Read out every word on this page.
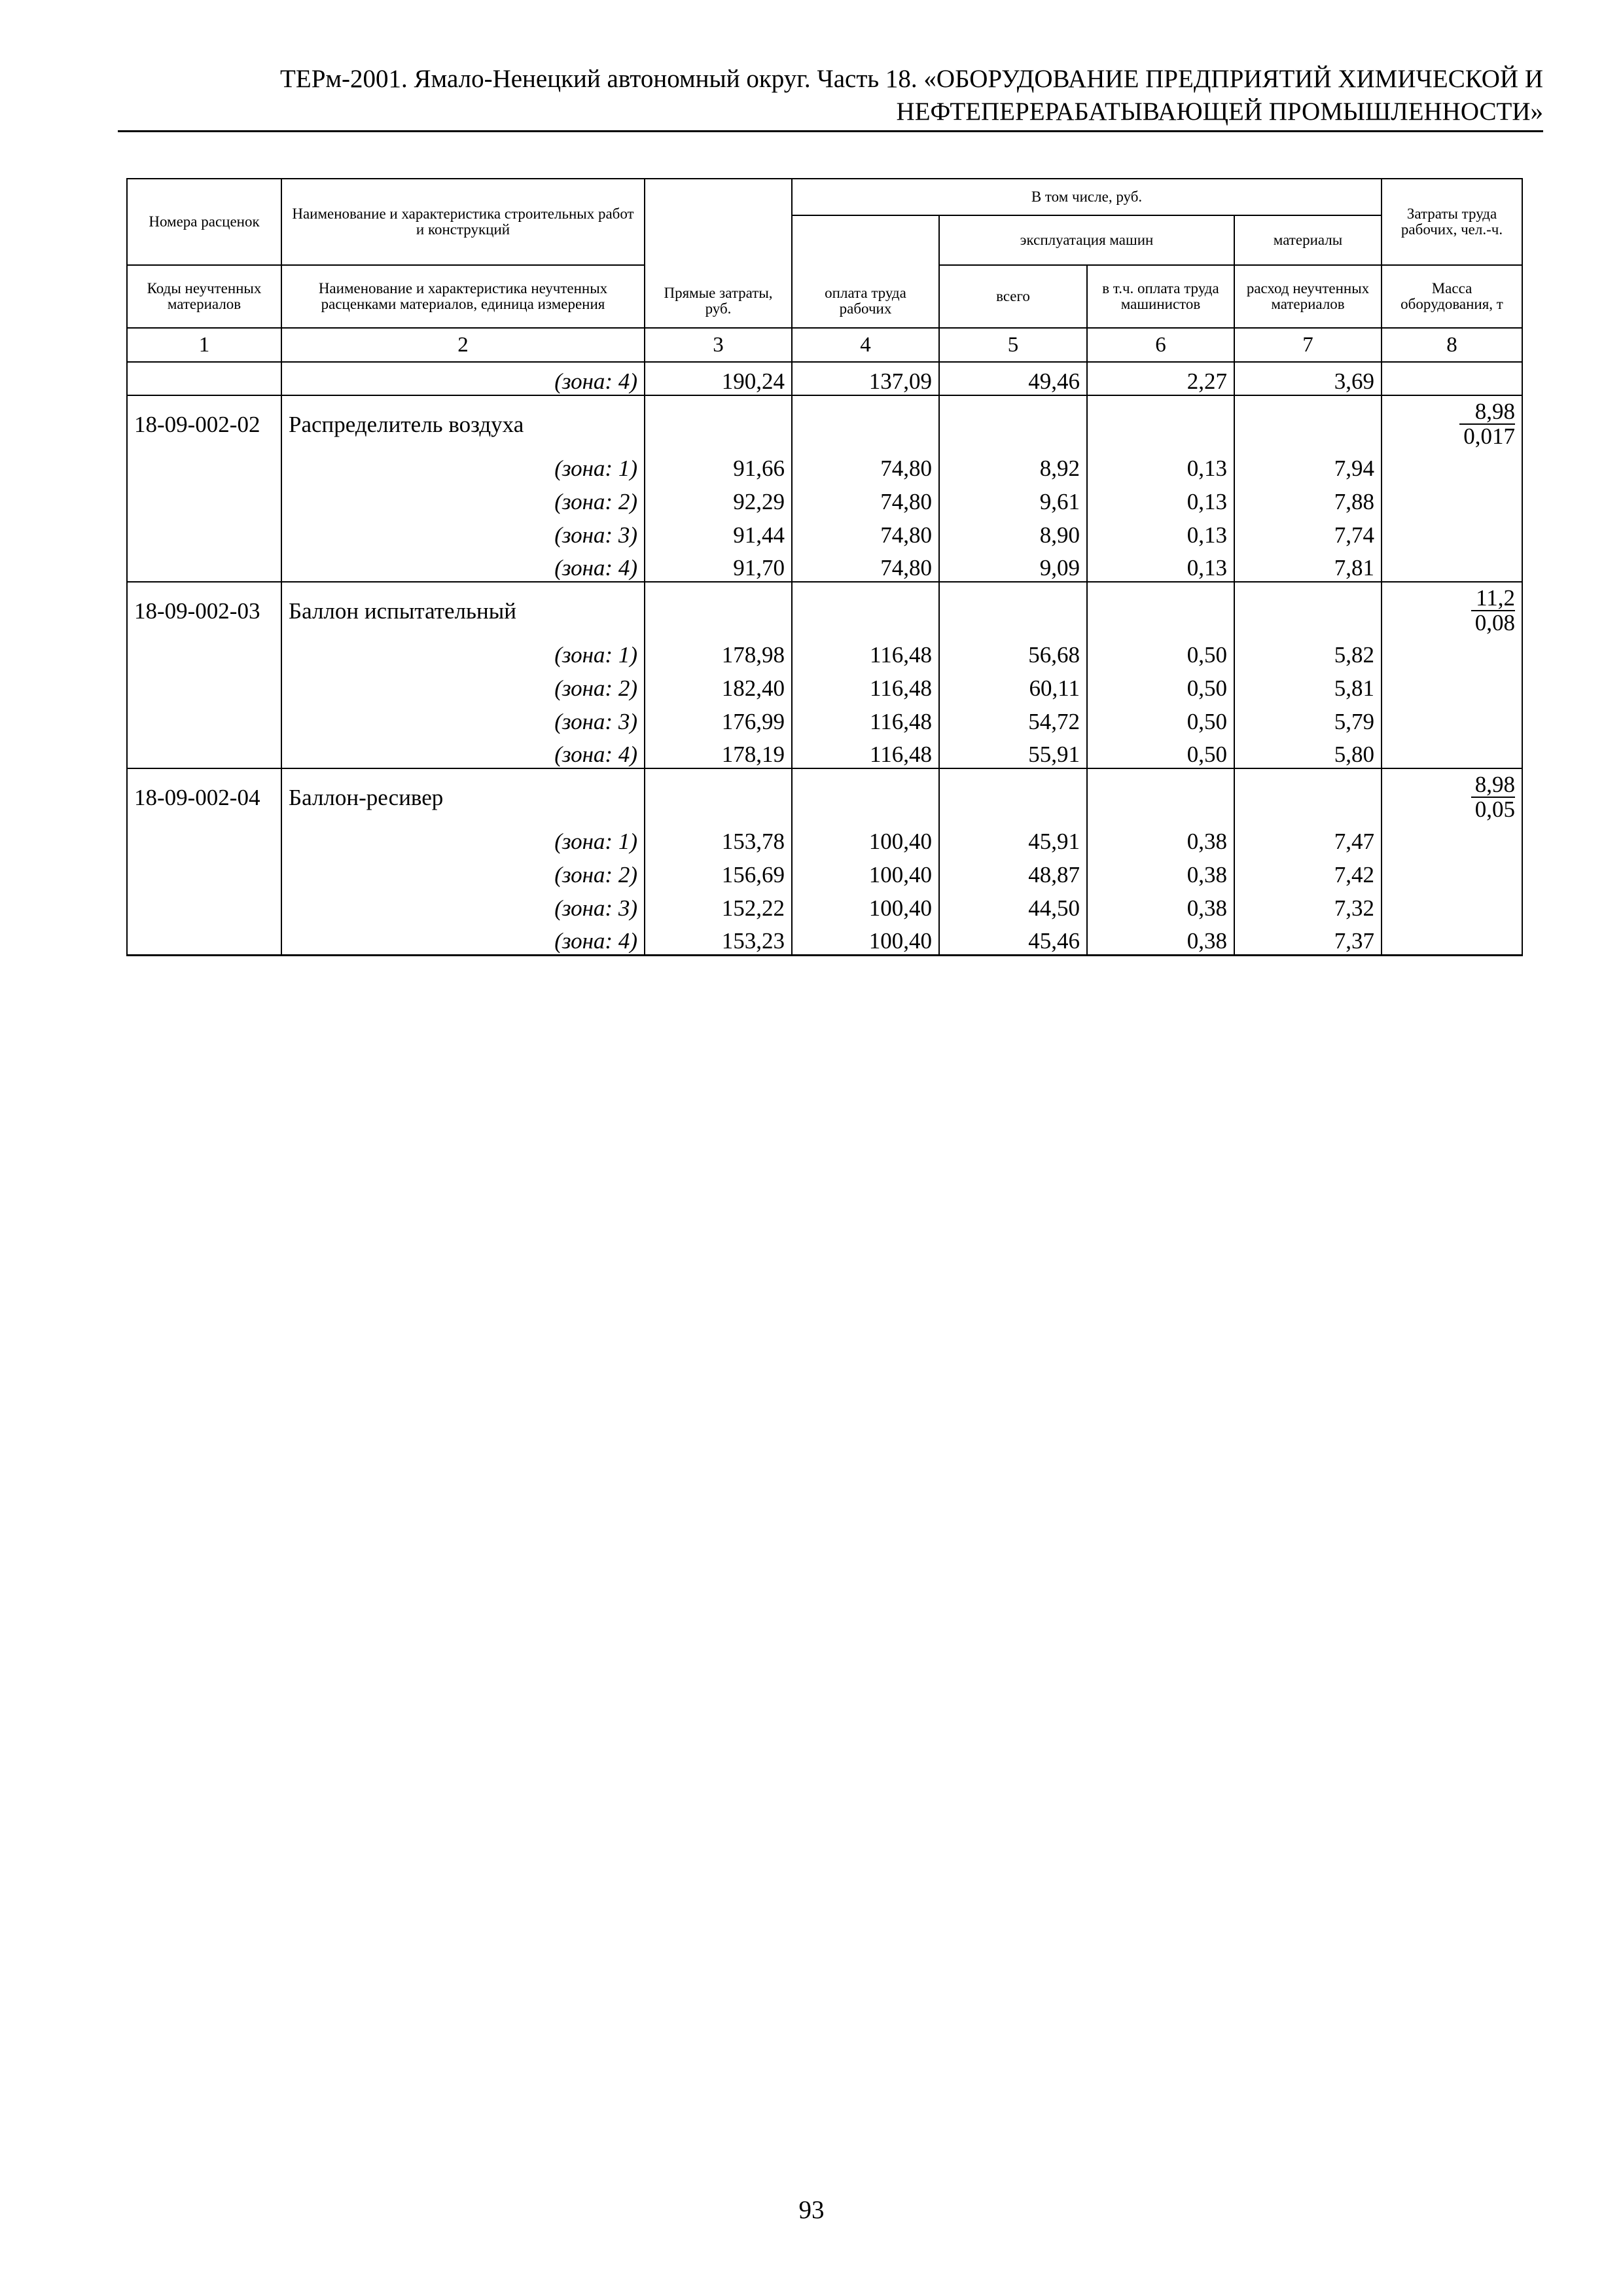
ТЕРм-2001. Ямало-Ненецкий автономный округ. Часть 18. «ОБОРУДОВАНИЕ ПРЕДПРИЯТИЙ ХИМИЧЕСКОЙ И
НЕФТЕПЕРЕРАБАТЫВАЮЩЕЙ ПРОМЫШЛЕННОСТИ»
Номера расценок	Наименование и характеристика строительных работ и конструкций	Прямые затраты, руб.	В том числе, руб.				Затраты труда рабочих, чел.-ч.
			оплата труда рабочих	эксплуатация машин		материалы	
Коды неучтенных материалов	Наименование и характеристика неучтенных расценками материалов, единица измерения			всего	в т.ч. оплата труда машинистов	расход неучтенных материалов	Масса оборудования, т
1	2	3	4	5	6	7	8
	(зона: 4)	190,24	137,09	49,46	2,27	3,69	
18-09-002-02	Распределитель воздуха						$\frac{8,98}{0,017}$

	(зона: 1)	91,66	74,80	8,92	0,13	7,94	
	(зона: 2)	92,29	74,80	9,61	0,13	7,88	
	(зона: 3)	91,44	74,80	8,90	0,13	7,74	
	(зона: 4)	91,70	74,80	9,09	0,13	7,81	
18-09-002-03	Баллон испытательный						$\frac{11,2}{0,08}$

	(зона: 1)	178,98	116,48	56,68	0,50	5,82	
	(зона: 2)	182,40	116,48	60,11	0,50	5,81	
	(зона: 3)	176,99	116,48	54,72	0,50	5,79	
	(зона: 4)	178,19	116,48	55,91	0,50	5,80	
18-09-002-04	Баллон-ресивер						$\frac{8,98}{0,05}$

	(зона: 1)	153,78	100,40	45,91	0,38	7,47	
	(зона: 2)	156,69	100,40	48,87	0,38	7,42	
	(зона: 3)	152,22	100,40	44,50	0,38	7,32	
	(зона: 4)	153,23	100,40	45,46	0,38	7,37	
93
